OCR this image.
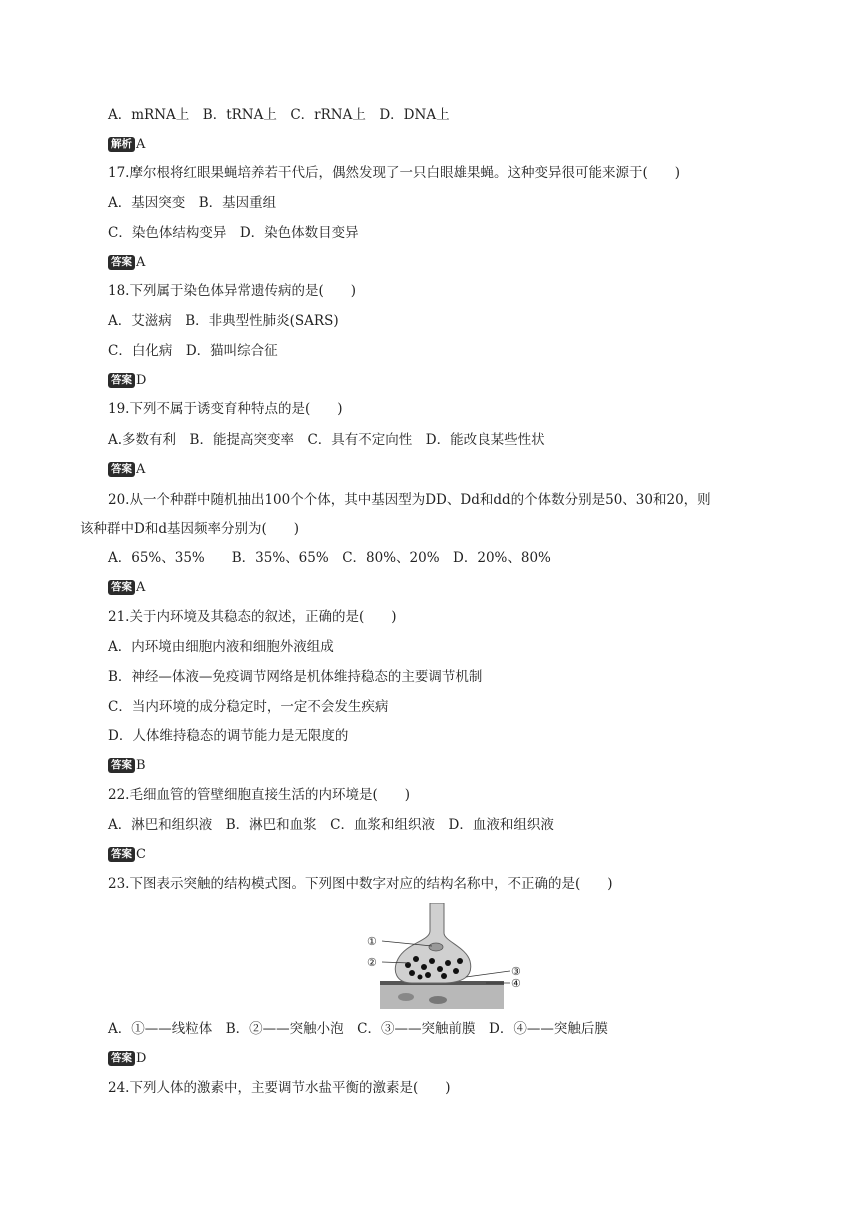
A．mRNA上　B．tRNA上　C．rRNA上　D．DNA上
解析 A
17.摩尔根将红眼果蝇培养若干代后，偶然发现了一只白眼雄果蝇。这种变异很可能来源于(　　)
A．基因突变　B．基因重组
C．染色体结构变异　D．染色体数目变异
答案 A
18.下列属于染色体异常遗传病的是(　　)
A．艾滋病　B．非典型性肺炎(SARS)
C．白化病　D．猫叫综合征
答案 D
19.下列不属于诱变育种特点的是(　　)
A.多数有利　B．能提高突变率　C．具有不定向性　D．能改良某些性状
答案 A
20.从一个种群中随机抽出100个个体，其中基因型为DD、Dd和dd的个体数分别是50、30和20，则
该种群中D和d基因频率分别为(　　)
A．65%、35%　　B．35%、65%　C．80%、20%　D．20%、80%
答案 A
21.关于内环境及其稳态的叙述，正确的是(　　)
A．内环境由细胞内液和细胞外液组成
B．神经—体液—免疫调节网络是机体维持稳态的主要调节机制
C．当内环境的成分稳定时，一定不会发生疾病
D．人体维持稳态的调节能力是无限度的
答案 B
22.毛细血管的管壁细胞直接生活的内环境是(　　)
A．淋巴和组织液　B．淋巴和血浆　C．血浆和组织液　D．血液和组织液
答案 C
23.下图表示突触的结构模式图。下列图中数字对应的结构名称中，不正确的是(　　)
①
②
③
④
A．①——线粒体　B．②——突触小泡　C．③——突触前膜　D．④——突触后膜
答案 D
24.下列人体的激素中，主要调节水盐平衡的激素是(　　)
